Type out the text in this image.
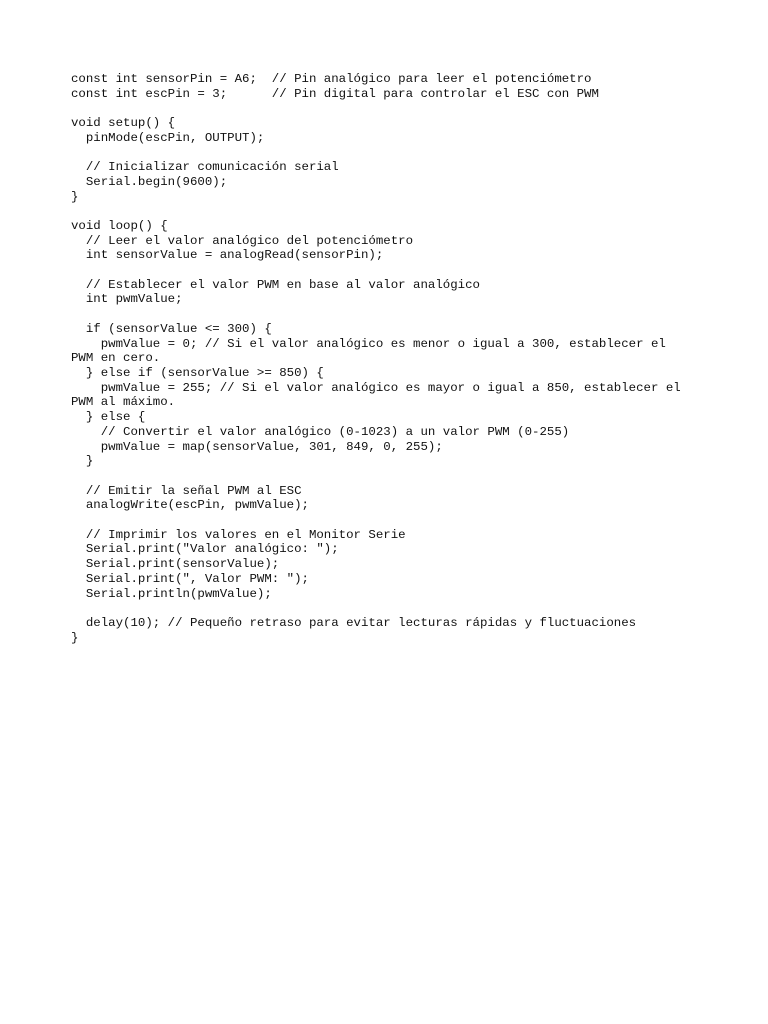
const int sensorPin = A6;  // Pin analógico para leer el potenciómetro
const int escPin = 3;      // Pin digital para controlar el ESC con PWM
void setup() {
pinMode(escPin, OUTPUT);
// Inicializar comunicación serial
Serial.begin(9600);
}
void loop() {
// Leer el valor analógico del potenciómetro
int sensorValue = analogRead(sensorPin);
// Establecer el valor PWM en base al valor analógico
int pwmValue;
if (sensorValue <= 300) {
pwmValue = 0; // Si el valor analógico es menor o igual a 300, establecer el
PWM en cero.
} else if (sensorValue >= 850) {
pwmValue = 255; // Si el valor analógico es mayor o igual a 850, establecer el
PWM al máximo.
} else {
// Convertir el valor analógico (0-1023) a un valor PWM (0-255)
pwmValue = map(sensorValue, 301, 849, 0, 255);
}
// Emitir la señal PWM al ESC
analogWrite(escPin, pwmValue);
// Imprimir los valores en el Monitor Serie
Serial.print("Valor analógico: ");
Serial.print(sensorValue);
Serial.print(", Valor PWM: ");
Serial.println(pwmValue);
delay(10); // Pequeño retraso para evitar lecturas rápidas y fluctuaciones
}
